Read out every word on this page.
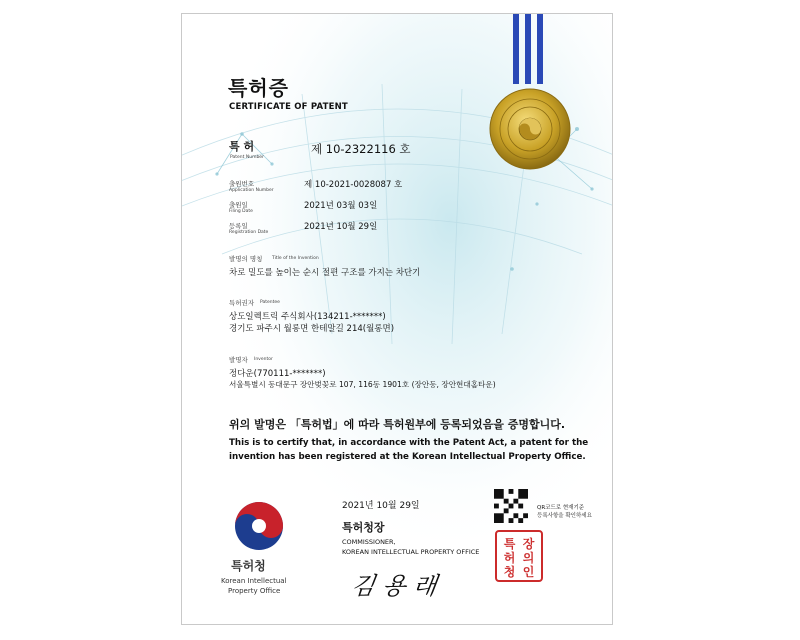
특허증
CERTIFICATE OF PATENT
특 허
Patent Number
제 10-2322116 호
출원번호
Application Number
제 10-2021-0028087 호
출원일
Filing Date
2021년 03월 03일
등록일
Registration Date
2021년 10월 29일
발명의 명칭 Title of the Invention
차로 밀도를 높이는 순시 절편 구조를 가지는 차단기
특허권자 Patentee
상도일렉트릭 주식회사(134211-*******)
경기도 파주시 월롱면 한테말길 214(월롱면)
발명자 Inventor
정다운(770111-*******)
서울특별시 동대문구 장안벚꽃로 107, 116동 1901호 (장안동, 장안현대홈타운)
위의 발명은 「특허법」에 따라 특허원부에 등록되었음을 증명합니다.
This is to certify that, in accordance with the Patent Act, a patent for the
invention has been registered at the Korean Intellectual Property Office.
2021년 10월 29일	QR코드로 현재기준
등록사항을 확인하세요
특허청
Korean Intellectual
Property Office
특허청장
COMMISSIONER,
KOREAN INTELLECTUAL PROPERTY OFFICE
김 용 래
특 장
허 의
청 인
